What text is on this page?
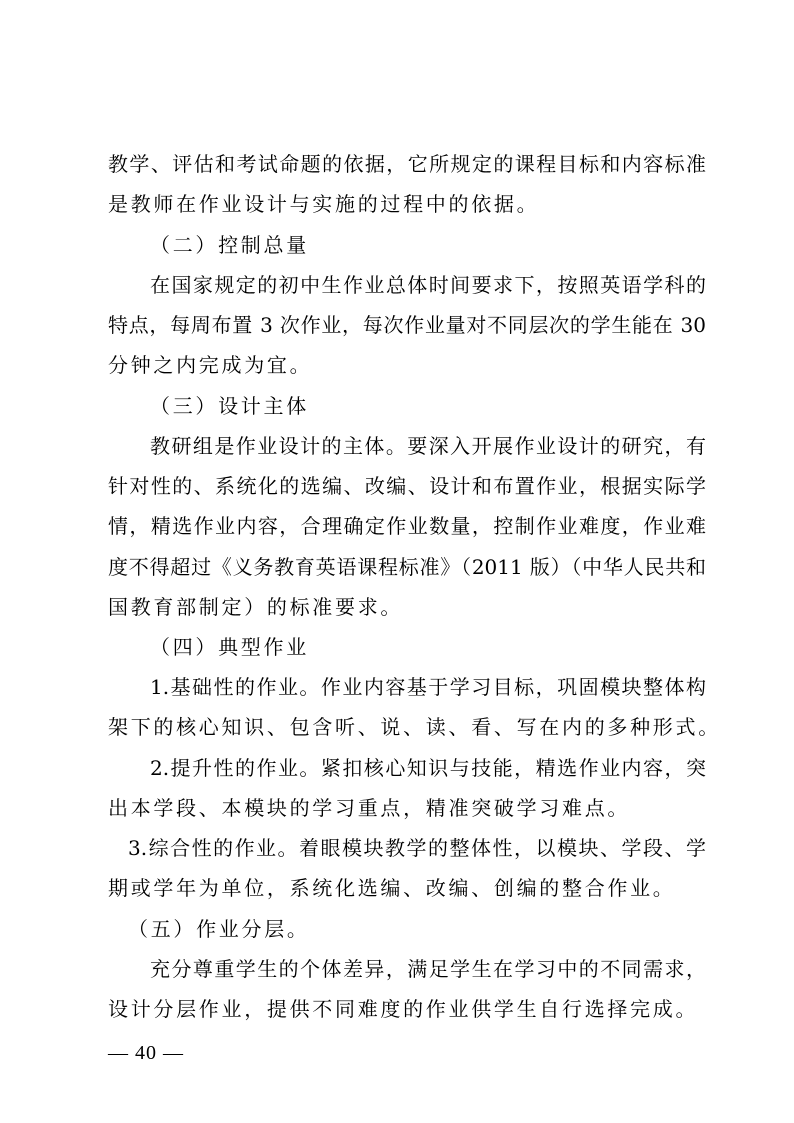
教学、评估和考试命题的依据，它所规定的课程目标和内容标准
是教师在作业设计与实施的过程中的依据。
（二）控制总量
在国家规定的初中生作业总体时间要求下，按照英语学科的
特点，每周布置 3 次作业，每次作业量对不同层次的学生能在 30
分钟之内完成为宜。
（三）设计主体
教研组是作业设计的主体。要深入开展作业设计的研究，有
针对性的、系统化的选编、改编、设计和布置作业，根据实际学
情，精选作业内容，合理确定作业数量，控制作业难度，作业难
度不得超过《义务教育英语课程标准》（2011 版）（中华人民共和
国教育部制定）的标准要求。
（四）典型作业
1.基础性的作业。作业内容基于学习目标，巩固模块整体构
架下的核心知识、包含听、说、读、看、写在内的多种形式。
2.提升性的作业。紧扣核心知识与技能，精选作业内容，突
出本学段、本模块的学习重点，精准突破学习难点。
3.综合性的作业。着眼模块教学的整体性，以模块、学段、学
期或学年为单位，系统化选编、改编、创编的整合作业。
（五）作业分层。
充分尊重学生的个体差异，满足学生在学习中的不同需求，
设计分层作业，提供不同难度的作业供学生自行选择完成。
— 40 —
